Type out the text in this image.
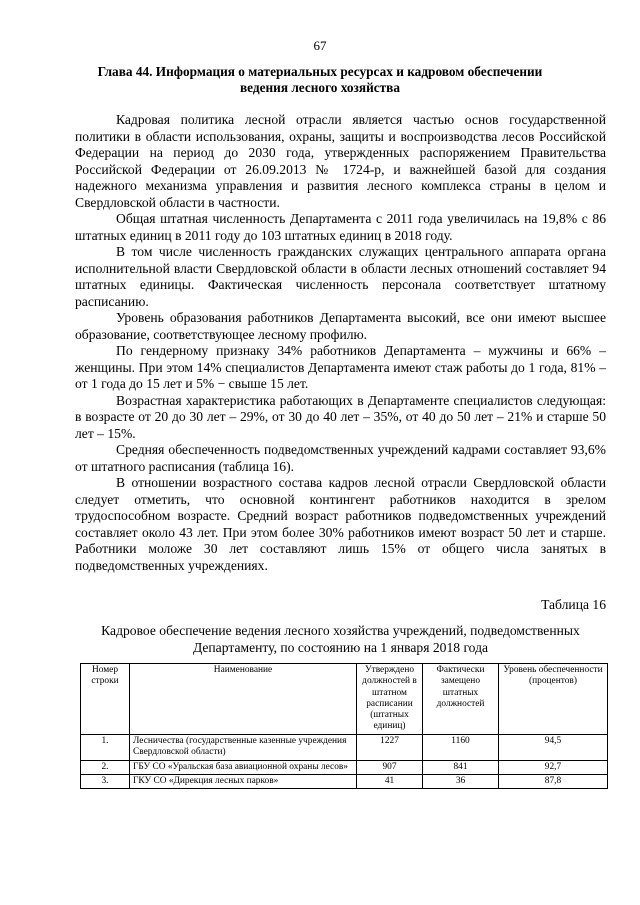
67
Глава 44. Информация о материальных ресурсах и кадровом обеспечении ведения лесного хозяйства

Кадровая политика лесной отрасли является частью основ государственной политики в области использования, охраны, защиты и воспроизводства лесов Российской Федерации на период до 2030 года, утвержденных распоряжением Правительства Российской Федерации от 26.09.2013 № 1724-р, и важнейшей базой для создания надежного механизма управления и развития лесного комплекса страны в целом и Свердловской области в частности.

Общая штатная численность Департамента с 2011 года увеличилась на 19,8% с 86 штатных единиц в 2011 году до 103 штатных единиц в 2018 году.

В том числе численность гражданских служащих центрального аппарата органа исполнительной власти Свердловской области в области лесных отношений составляет 94 штатных единицы. Фактическая численность персонала соответствует штатному расписанию.

Уровень образования работников Департамента высокий, все они имеют высшее образование, соответствующее лесному профилю.

По гендерному признаку 34% работников Департамента – мужчины и 66% – женщины. При этом 14% специалистов Департамента имеют стаж работы до 1 года, 81% – от 1 года до 15 лет и 5% − свыше 15 лет.

Возрастная характеристика работающих в Департаменте специалистов следующая: в возрасте от 20 до 30 лет – 29%, от 30 до 40 лет – 35%, от 40 до 50 лет – 21% и старше 50 лет – 15%.

Средняя обеспеченность подведомственных учреждений кадрами составляет 93,6% от штатного расписания (таблица 16).

В отношении возрастного состава кадров лесной отрасли Свердловской области следует отметить, что основной контингент работников находится в зрелом трудоспособном возрасте. Средний возраст работников подведомственных учреждений составляет около 43 лет. При этом более 30% работников имеют возраст 50 лет и старше. Работники моложе 30 лет составляют лишь 15% от общего числа занятых в подведомственных учреждениях.

Таблица 16
Кадровое обеспечение ведения лесного хозяйства учреждений, подведомственных Департаменту, по состоянию на 1 января 2018 года
Номер строки	Наименование	Утверждено должностей в штатном расписании (штатных единиц)	Фактически замещено штатных должностей	Уровень обеспеченности (процентов)
1.	Лесничества (государственные казенные учреждения Свердловской области)	1227	1160	94,5
2.	ГБУ СО «Уральская база авиационной охраны лесов»	907	841	92,7
3.	ГКУ СО «Дирекция лесных парков»	41	36	87,8
